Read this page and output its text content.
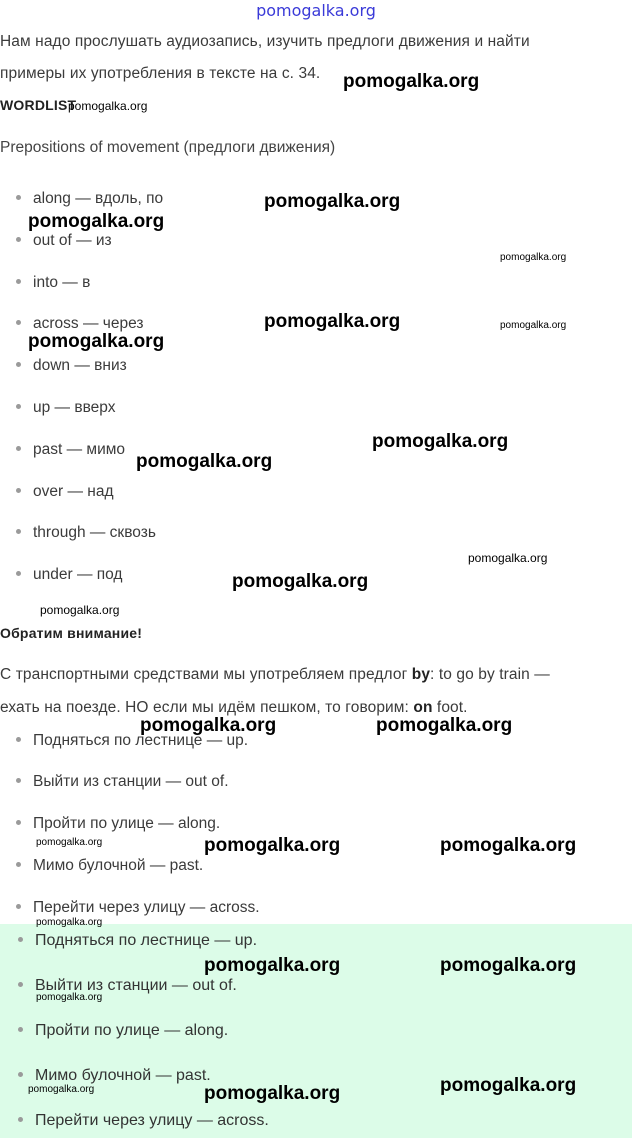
pomogalka.org
Нам надо прослушать аудиозапись, изучить предлоги движения и найти
примеры их употребления в тексте на с. 34.
WORDLIST
Prepositions of movement (предлоги движения)
along — вдоль, по
out of — из
into — в
across — через
down — вниз
up — вверх
past — мимо
over — над
through — сквозь
under — под
Обратим внимание!
С транспортными средствами мы употребляем предлог by: to go by train —
ехать на поезде. НО если мы идём пешком, то говорим: on foot.
Подняться по лестнице — up.
Выйти из станции — out of.
Пройти по улице — along.
Мимо булочной — past.
Перейти через улицу — across.
Подняться по лестнице — up.
Выйти из станции — out of.
Пройти по улице — along.
Мимо булочной — past.
Перейти через улицу — across.
pomogalka.org
pomogalka.org
pomogalka.org
pomogalka.org
pomogalka.org
pomogalka.org	pomogalka.org
pomogalka.org
pomogalka.org
pomogalka.org
pomogalka.org
pomogalka.org
pomogalka.org
pomogalka.org	pomogalka.org
pomogalka.org	pomogalka.org	pomogalka.org
pomogalka.org
pomogalka.org	pomogalka.org
pomogalka.org
pomogalka.org
pomogalka.org	pomogalka.org
